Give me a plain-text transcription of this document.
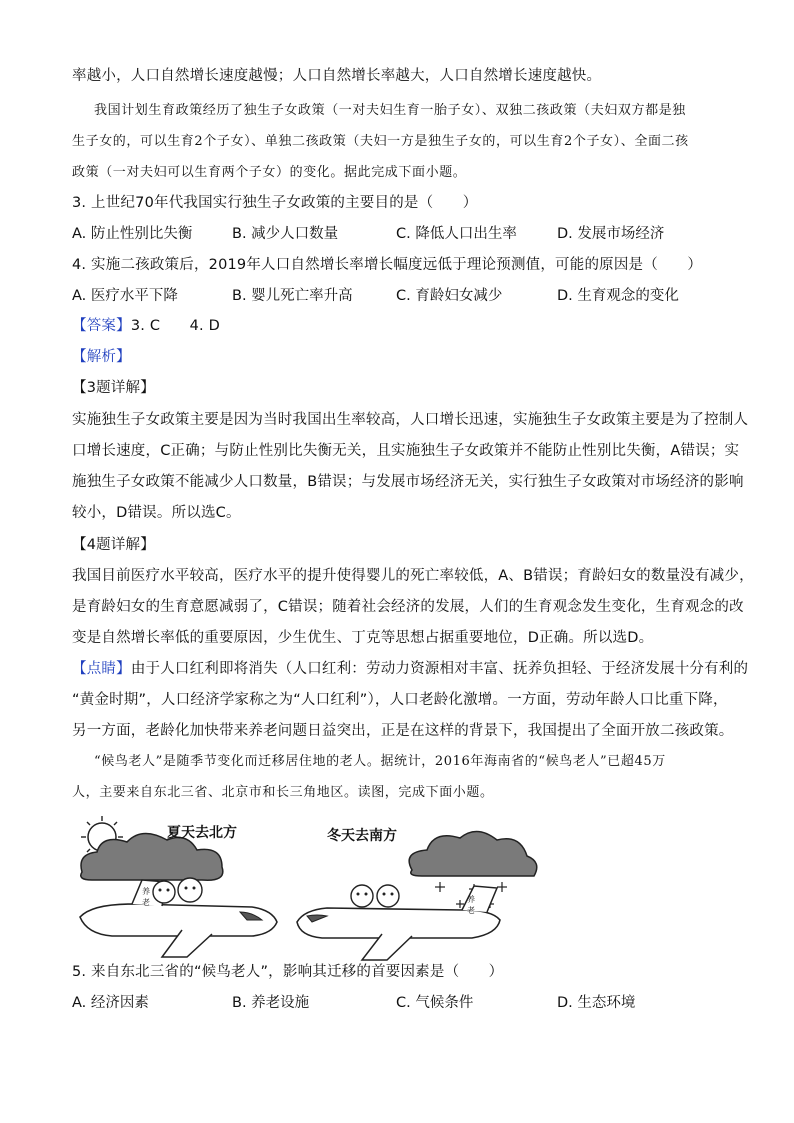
率越小，人口自然增长速度越慢；人口自然增长率越大，人口自然增长速度越快。
我国计划生育政策经历了独生子女政策（一对夫妇生育一胎子女）、双独二孩政策（夫妇双方都是独
生子女的，可以生育2个子女）、单独二孩政策（夫妇一方是独生子女的，可以生育2个子女）、全面二孩
政策（一对夫妇可以生育两个子女）的变化。据此完成下面小题。
3. 上世纪70年代我国实行独生子女政策的主要目的是（　　）
A. 防止性别比失衡	B. 减少人口数量	C. 降低人口出生率	D. 发展市场经济
4. 实施二孩政策后，2019年人口自然增长率增长幅度远低于理论预测值，可能的原因是（　　）
A. 医疗水平下降	B. 婴儿死亡率升高	C. 育龄妇女减少	D. 生育观念的变化
【答案】3. C　　4. D
【解析】
【3题详解】
实施独生子女政策主要是因为当时我国出生率较高，人口增长迅速，实施独生子女政策主要是为了控制人
口增长速度，C正确；与防止性别比失衡无关，且实施独生子女政策并不能防止性别比失衡，A错误；实
施独生子女政策不能减少人口数量，B错误；与发展市场经济无关，实行独生子女政策对市场经济的影响
较小，D错误。所以选C。
【4题详解】
我国目前医疗水平较高，医疗水平的提升使得婴儿的死亡率较低，A、B错误；育龄妇女的数量没有减少，
是育龄妇女的生育意愿减弱了，C错误；随着社会经济的发展，人们的生育观念发生变化，生育观念的改
变是自然增长率低的重要原因，少生优生、丁克等思想占据重要地位，D正确。所以选D。
【点睛】由于人口红利即将消失（人口红利：劳动力资源相对丰富、抚养负担轻、于经济发展十分有利的
“黄金时期”，人口经济学家称之为“人口红利”），人口老龄化激增。一方面，劳动年龄人口比重下降，
另一方面，老龄化加快带来养老问题日益突出，正是在这样的背景下，我国提出了全面开放二孩政策。
“候鸟老人”是随季节变化而迁移居住地的老人。据统计，2016年海南省的“候鸟老人”已超45万
人，主要来自东北三省、北京市和长三角地区。读图，完成下面小题。
夏天去北方
养
老
冬天去南方
养
老
5. 来自东北三省的“候鸟老人”，影响其迁移的首要因素是（　　）
A. 经济因素	B. 养老设施	C. 气候条件	D. 生态环境
